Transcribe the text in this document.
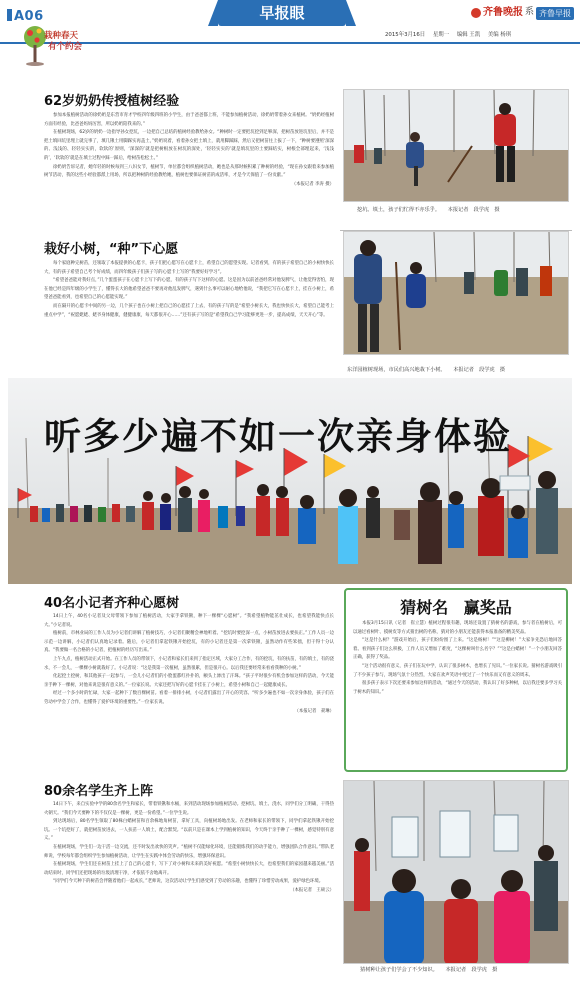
A06	早报眼	齐鲁晚报 系 齐鲁早报
2015年3月16日 星期一 编辑 王凯 美编 杨琪
栽种春天
有个约会
62岁奶奶传授植树经验

参加本报植树活动的徐奶奶是东营市育才学校四年级四班的小学生，由于爸爸都上班，不能参加植树活动，徐奶奶带着孙女来植树。“奶奶经植树方面有经验，比爸爸妈妈厉害，所以奶奶陪我来的。”

在植树现场，62岁的奶奶一边指导孙女挖坑，一边把自己总结的植树经验教给孙女。“种树时一定要把坑挖到足够深，把树苗放进坑里后，并不是把土填回坑里埋上就完事了，填几锹土用脚踩实再盖土，”奶奶说着，看着孙女把土填上，就用脚踩踩，然后又把树苗往上拔了一下，“种树要遵照‘深深的、浅浅的、轻轻实实的，软软的’原则，‘深深的’就是把树根放在树坑的深处，‘轻轻实实的’就是填坑里的土要踩结实，树根全部埋起来，‘浅浅的’，‘软软的’就是在填土过程中踩一踩后，给树苗松松土。”

徐奶奶告诉记者，她年轻的时候每到三八妇女节，植树节，单位都会组织植树活动，她也是从那时候积累了种树的经验，“现在孙女跟着来参加植树节活动，我的这些小经验都派上用场，所以把种树的经验教给她，植树也要保证树苗的成活率，才是今天保值了一份贡献。”

（本报记者 李涛 摄）

栽好小树，“种”下心愿

每个家庭种完树苗，还领取了本报提供的心愿卡，孩子们把心愿写在心愿卡上，希望自己的愿望实现。记者看到，有的孩子希望自己的小树快快长大，有的孩子希望自己考个好成绩，而四年级孩子们孩子写的心愿卡上写的“我要好好学习”。

“希望爸爸能对我好点，”几个蛋蛋孩子在心愿卡上写下的心愿，有的孩子写下这样的心愿。这是因为以前爸爸经常对他发脾气，让他觉得害怕，现在他已经是四年级的小学生了，懂得长大的他希望爸爸不要再对他乱发脾气，遇到什么事可以耐心地给他说，“我把它写在心愿卡上，挂在小树上，希望爸爸能看到，也希望自己的心愿能实现。”

而在隔开的心愿卡中间的另一边，几个孩子也在小树上把自己的心愿挂了上去，有的孩子写的是“希望小树长大，我也快快长大，希望自己能考上重点中学”，“祝愿姥姥、姥爷身体健康，健健康康，每天都很开心……”还有孩子写的是“希望我自己学习能够更进一步，提高成绩，天天开心”等。

挖坑、填土，孩子们忙得不亦乐乎。 本报记者　段学虎　摄
东洋园植树现场，市民们高兴地栽下小树。 本报记者　段学虎　摄
听多少遍不如一次亲身体验
40名小记者齐种心愿树

14日上午，40名小记者及父母带领下参加了植树活动，大家手拿铁锹，种下一棵棵“心愿树”。“我希望植物能茁壮成长，也希望我能快点长大。”小记者说。

植树前，市林业局的工作人员为小记者们讲解了植树技巧，小记者们聚精会神地听着。“挖坑时要挖深一点，小树苗放进去要扶正。”工作人员一边示范一边讲解，小记者们认真地记录着。随后，小记者们拿起铁锹开始挖坑，有的小记者还是第一次拿铁锹，虽然动作有些笨拙，但干得十分认真。“我要做一名合格的小记者，把植树的经历写出来。”

上午九点，植树活动正式开始。在工作人员的带领下，小记者和家长们来到了指定区域，大家分工合作，有的挖坑，有的扶苗，有的填土，有的浇水，不一会儿，一棵棵小树就栽好了。小记者说：“这是我第一次植树，虽然很累，但是很开心。以后我还要经常来看看我种的小树。”

化起挖土挖树，和其他孩子一起参与，一会儿小记者们的小脸蛋都红扑扑的，额头上渗出了汗珠。“孩子平时很少有机会参加这样的活动，今天能亲手种下一棵树，对他来说是很有意义的。”一位家长说。大家还把写好的心愿卡挂在了小树上，希望小树和自己一起健康成长。

经过一个多小时的忙碌，大家一起种下了数百棵树苗。看着一排排小树，小记者们露出了开心的笑容。“听多少遍也不如一次亲身体验，孩子们在劳动中学会了合作，也懂得了爱护环境的重要性。”一位家长说。

（本报记者　聂琳）

80余名学生齐上阵

14日下午，来自实验中学的80余名学生和家长，带着铁锹和水桶，来到活动现场参加植树活动。挖树坑、填土、浇水，同学们分工明确，干得热火朝天。“我们今天要种下的不仅仅是一棵树，更是一份希望。”一位学生说。

到达现场后，80名学生领取了80株白蜡树苗和百余株地角树苗，拿好工具，向植树场地出发。在老师和家长的带领下，同学们拿起铁锹开始挖坑。一个坑挖好了，就把树苗放进去，一人扶苗一人填土，配合默契。“以前只是在课本上学到植树的知识，今天终于亲手种了一棵树，感觉特别有意义。”

在植树现场，学生们一边干活一边交流，还不时发出欢快的笑声。“植树不仅能绿化环境，还能锻炼我们的动手能力，增强团队合作意识。”带队老师说，学校每年都会组织学生参加植树活动，让学生在实践中体会劳动的快乐，增强环保意识。

在植树现场，学生们还在树苗上挂上了自己的心愿卡，写下了对小树和未来的美好祝愿。“希望小树快快长大，也希望我们的家园越来越美丽。”活动结束时，同学们还把现场的垃圾清理干净，才依依不舍地离开。

“同学们今天种下的树苗会伴随着他们一起成长，”老师说，这次活动让学生们感受到了劳动的乐趣，也懂得了珍惜劳动成果，爱护绿色环境。

（本报记者　王硕云）

猜树名 赢奖品

本报3月15日讯（记者　崔立慧）植树过程很有趣，现场还设置了猜树名的游戏，参与者在植树后，可以通过看树叶、摸树皮等方式猜出树的名称，猜对的小朋友还能获得本报准备的精美奖品。

“这是什么树？”游戏开始后，孩子们纷纷围了上来。“这是杨树！”“这是柳树！”大家争先恐后地回答着。看到孩子们这么积极，工作人员又增加了难度，“这棵树叫什么名字？”“这是白蜡树！”一个小朋友回答正确，获得了奖品。

“这个活动很有意义，孩子们在玩中学，认识了很多树木，也增长了见识。”一位家长说。猜树名游戏吸引了不少孩子参与，现场气氛十分热烈，大家在欢声笑语中度过了一个快乐而又有意义的周末。

很多孩子表示下次还要来参加这样的活动，“通过今天的活动，我认识了好多种树，以后我还要多学习关于树木的知识。”

猜树种让孩子们学会了不少知识。 本报记者　段学虎　摄
